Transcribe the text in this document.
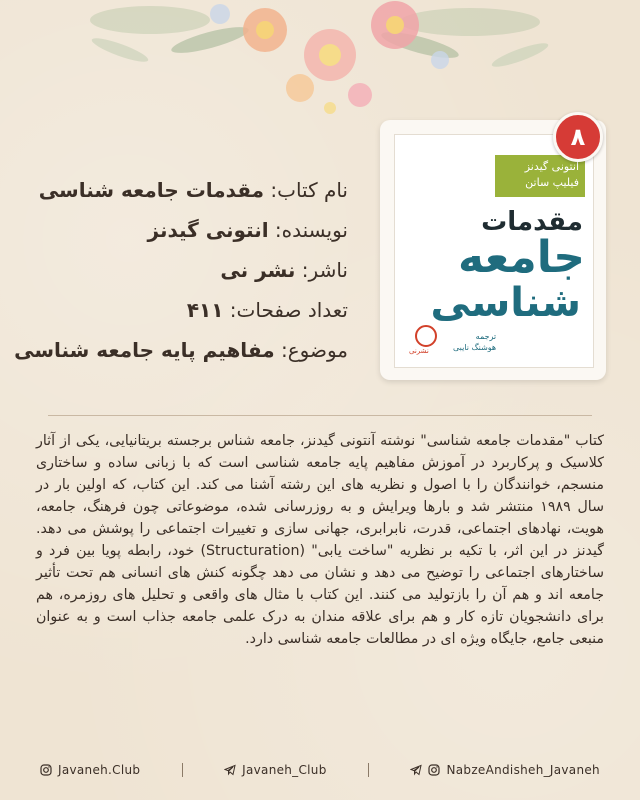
آنتونی گیدنز
فیلیپ ساتن
مقدمات
جامعه
شناسی
ترجمه
هوشنگ نایبی
نشرنی
۸
نام کتاب: مقدمات جامعه شناسی
نویسنده: انتونی گیدنز
ناشر: نشر نی
تعداد صفحات: ۴۱۱
موضوع: مفاهیم پایه جامعه شناسی
کتاب "مقدمات جامعه شناسی" نوشته آنتونی گیدنز، جامعه شناس برجسته بریتانیایی، یکی از آثار کلاسیک و پرکاربرد در آموزش مفاهیم پایه جامعه شناسی است که با زبانی ساده و ساختاری منسجم، خوانندگان را با اصول و نظریه های این رشته آشنا می کند. این کتاب، که اولین بار در سال ۱۹۸۹ منتشر شد و بارها ویرایش و به روزرسانی شده، موضوعاتی چون فرهنگ، جامعه، هویت، نهادهای اجتماعی، قدرت، نابرابری، جهانی سازی و تغییرات اجتماعی را پوشش می دهد. گیدنز در این اثر، با تکیه بر نظریه "ساخت یابی" (Structuration) خود، رابطه پویا بین فرد و ساختارهای اجتماعی را توضیح می دهد و نشان می دهد چگونه کنش های انسانی هم تحت تأثیر جامعه اند و هم آن را بازتولید می کنند. این کتاب با مثال های واقعی و تحلیل های روزمره، هم برای دانشجویان تازه کار و هم برای علاقه مندان به درک علمی جامعه جذاب است و به عنوان منبعی جامع، جایگاه ویژه ای در مطالعات جامعه شناسی دارد.
Javaneh.Club	Javaneh_Club	NabzeAndisheh_Javaneh
